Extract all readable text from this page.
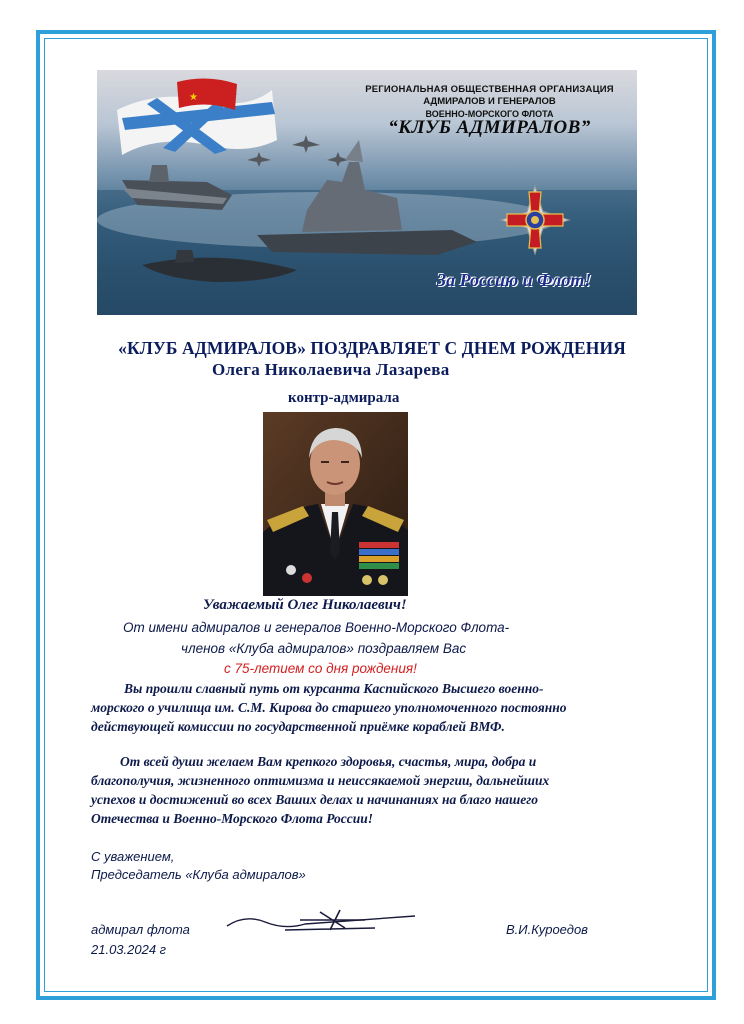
★
РЕГИОНАЛЬНАЯ ОБЩЕСТВЕННАЯ ОРГАНИЗАЦИЯ
АДМИРАЛОВ И ГЕНЕРАЛОВ
ВОЕННО-МОРСКОГО ФЛОТА
“КЛУБ АДМИРАЛОВ”
За Россию и Флот!
«КЛУБ АДМИРАЛОВ» ПОЗДРАВЛЯЕТ С ДНЕМ РОЖДЕНИЯ
Олега Николаевича Лазарева
контр-адмирала
Уважаемый Олег Николаевич!
От имени адмиралов и генералов Военно-Морского Флота-
членов «Клуба адмиралов» поздравляем Вас
с 75-летием со дня рождения!
Вы прошли славный путь от курсанта Каспийского Высшего военно-
морского о училища им. С.М. Кирова до старшего уполномоченного постоянно
действующей комиссии по государственной приёмке кораблей ВМФ.
От всей души желаем Вам крепкого здоровья, счастья, мира, добра и
благополучия, жизненного оптимизма и неиссякаемой энергии, дальнейших
успехов и достижений во всех Ваших делах и начинаниях на благо нашего
Отечества и Военно-Морского Флота России!
С уважением,
Председатель «Клуба адмиралов»
адмирал флота
21.03.2024 г
В.И.Куроедов
